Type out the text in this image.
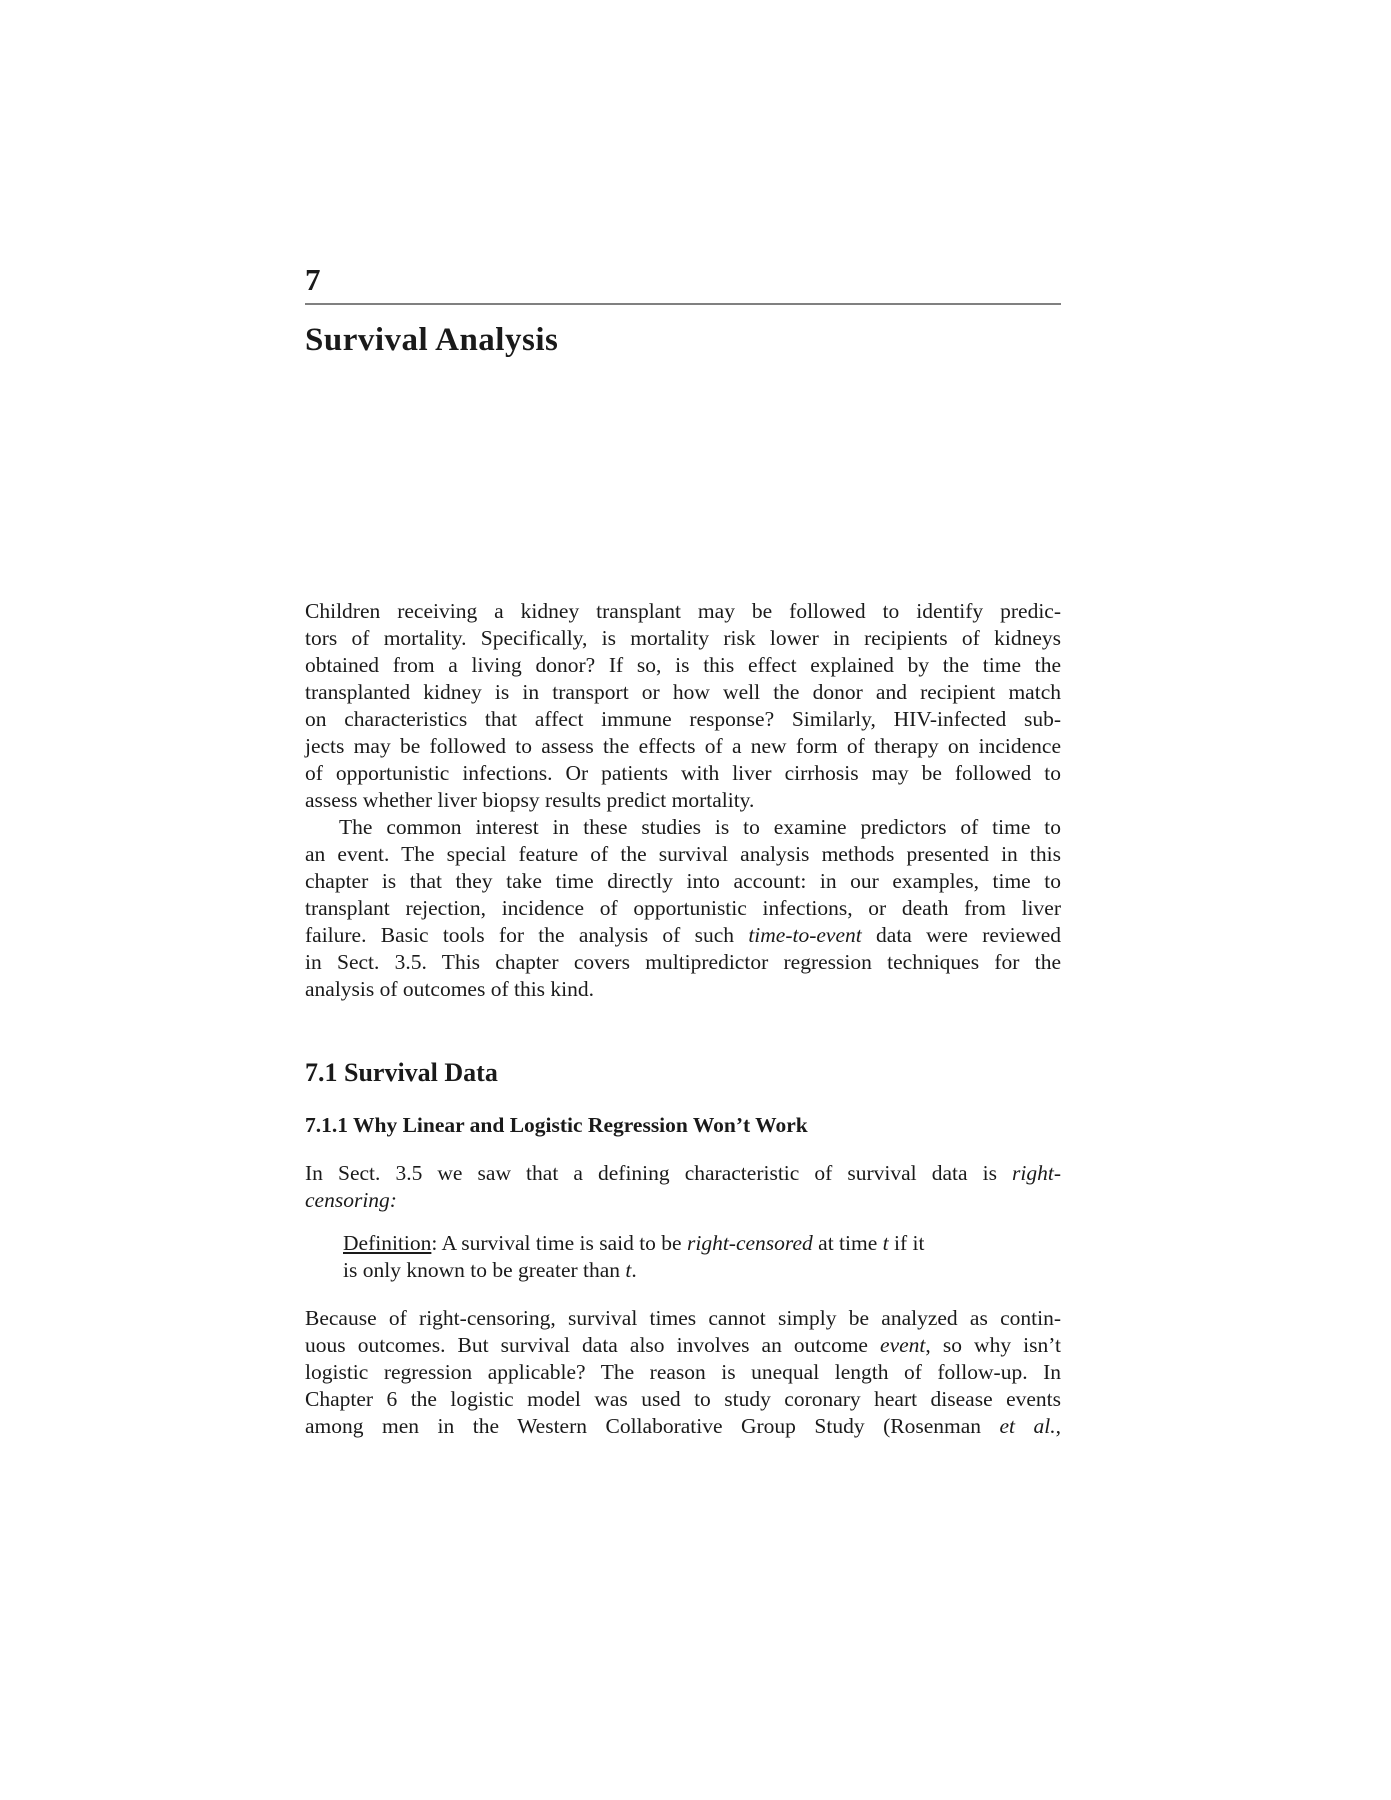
7
Survival Analysis
Children receiving a kidney transplant may be followed to identify predic-
tors of mortality. Specifically, is mortality risk lower in recipients of kidneys
obtained from a living donor? If so, is this effect explained by the time the
transplanted kidney is in transport or how well the donor and recipient match
on characteristics that affect immune response? Similarly, HIV-infected sub-
jects may be followed to assess the effects of a new form of therapy on incidence
of opportunistic infections. Or patients with liver cirrhosis may be followed to
assess whether liver biopsy results predict mortality.
The common interest in these studies is to examine predictors of time to
an event. The special feature of the survival analysis methods presented in this
chapter is that they take time directly into account: in our examples, time to
transplant rejection, incidence of opportunistic infections, or death from liver
failure. Basic tools for the analysis of such time-to-event data were reviewed
in Sect. 3.5. This chapter covers multipredictor regression techniques for the
analysis of outcomes of this kind.
7.1 Survival Data
7.1.1 Why Linear and Logistic Regression Won’t Work
In Sect. 3.5 we saw that a defining characteristic of survival data is right-
censoring:
Definition: A survival time is said to be right-censored at time t if it
is only known to be greater than t.
Because of right-censoring, survival times cannot simply be analyzed as contin-
uous outcomes. But survival data also involves an outcome event, so why isn’t
logistic regression applicable? The reason is unequal length of follow-up. In
Chapter 6 the logistic model was used to study coronary heart disease events
among men in the Western Collaborative Group Study (Rosenman et al.,
